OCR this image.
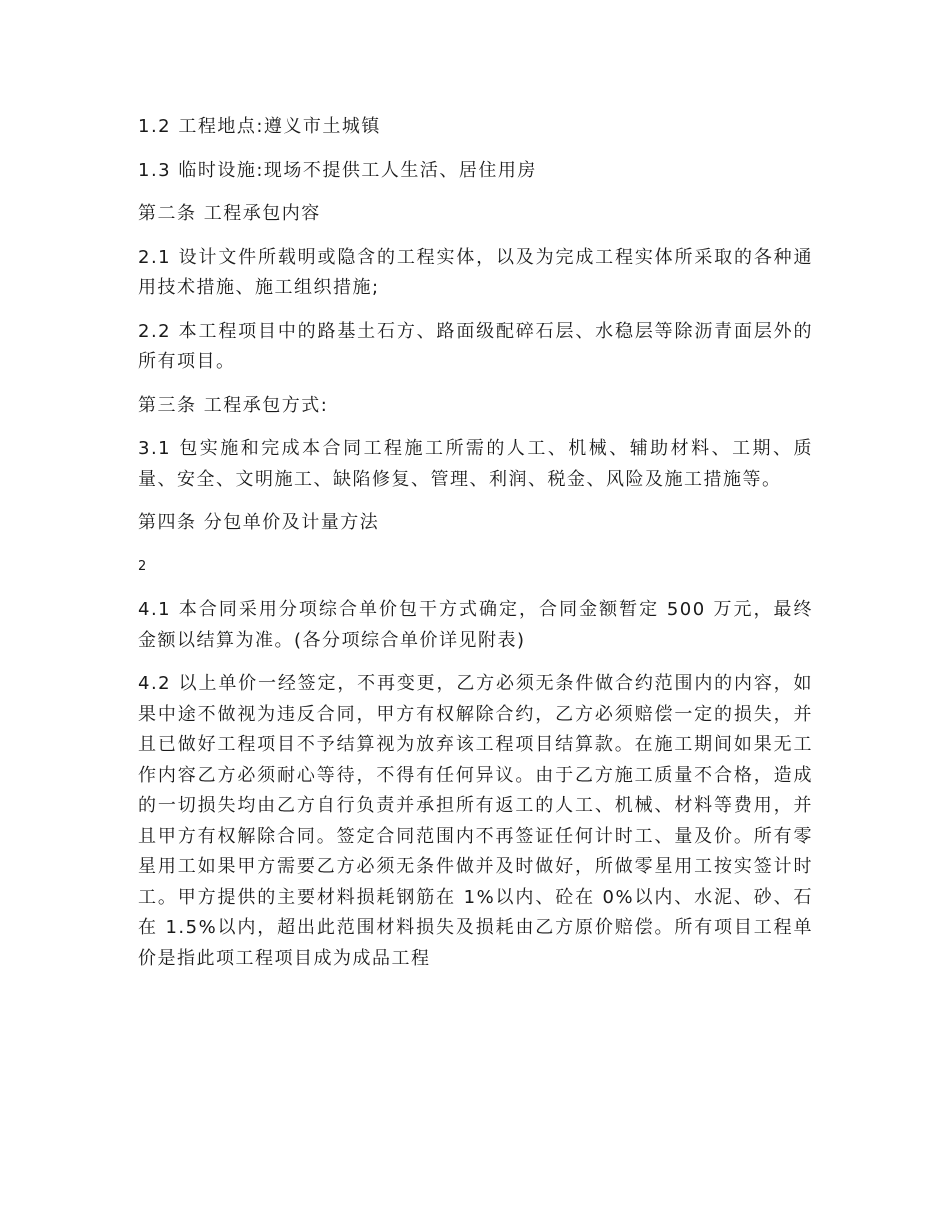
1.2 工程地点:遵义市土城镇

1.3 临时设施:现场不提供工人生活、居住用房

第二条 工程承包内容

2.1 设计文件所载明或隐含的工程实体，以及为完成工程实体所采取的各种通用技术措施、施工组织措施;

2.2 本工程项目中的路基土石方、路面级配碎石层、水稳层等除沥青面层外的所有项目。

第三条 工程承包方式:

3.1 包实施和完成本合同工程施工所需的人工、机械、辅助材料、工期、质量、安全、文明施工、缺陷修复、管理、利润、税金、风险及施工措施等。

第四条 分包单价及计量方法

2

4.1 本合同采用分项综合单价包干方式确定，合同金额暂定 500 万元，最终金额以结算为准。(各分项综合单价详见附表)

4.2 以上单价一经签定，不再变更，乙方必须无条件做合约范围内的内容，如果中途不做视为违反合同，甲方有权解除合约，乙方必须赔偿一定的损失，并且已做好工程项目不予结算视为放弃该工程项目结算款。在施工期间如果无工作内容乙方必须耐心等待，不得有任何异议。由于乙方施工质量不合格，造成的一切损失均由乙方自行负责并承担所有返工的人工、机械、材料等费用，并且甲方有权解除合同。签定合同范围内不再签证任何计时工、量及价。所有零星用工如果甲方需要乙方必须无条件做并及时做好，所做零星用工按实签计时工。甲方提供的主要材料损耗钢筋在 1%以内、砼在 0%以内、水泥、砂、石在 1.5%以内，超出此范围材料损失及损耗由乙方原价赔偿。所有项目工程单价是指此项工程项目成为成品工程
